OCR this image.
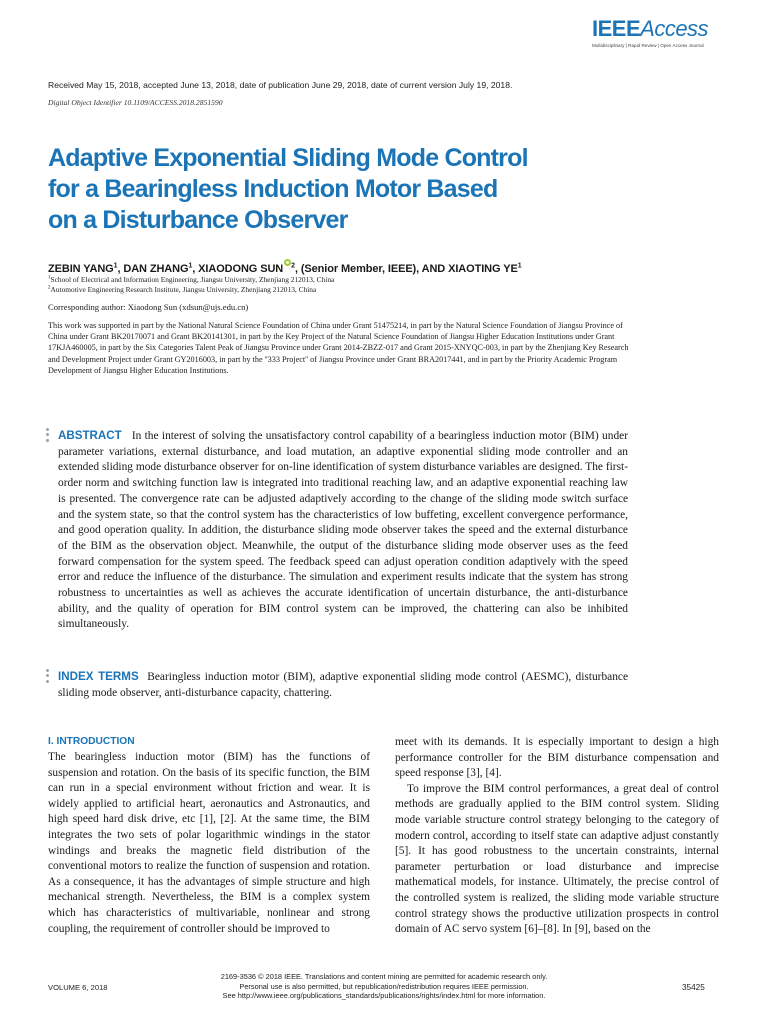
IEEEAccess
Multidisciplinary | Rapid Review | Open Access Journal
Received May 15, 2018, accepted June 13, 2018, date of publication June 29, 2018, date of current version July 19, 2018.
Digital Object Identifier 10.1109/ACCESS.2018.2851590
Adaptive Exponential Sliding Mode Control
for a Bearingless Induction Motor Based
on a Disturbance Observer
ZEBIN YANG$^1$, DAN ZHANG$^1$, XIAODONG SUN $^2$, (Senior Member, IEEE), AND XIAOTING $YE^1$
$^1$School of Electrical and Information Engineering, Jiangsu University, Zhenjiang 212013, China
$^2$Automotive Engineering Research Institute, Jiangsu University, Zhenjiang 212013, China
Corresponding author: Xiaodong Sun (xdsun@ujs.edu.cn)
This work was supported in part by the National Natural Science Foundation of China under Grant 51475214, in part by the Natural Science Foundation of Jiangsu Province of China under Grant BK20170071 and Grant BK20141301, in part by the Key Project of the Natural Science Foundation of Jiangsu Higher Education Institutions under Grant 17KJA460005, in part by the Six Categories Talent Peak of Jiangsu Province under Grant 2014-ZBZZ-017 and Grant 2015-XNYQC-003, in part by the Zhenjiang Key Research and Development Project under Grant GY2016003, in part by the ''333 Project'' of Jiangsu Province under Grant BRA2017441, and in part by the Priority Academic Program Development of Jiangsu Higher Education Institutions.

ABSTRACT In the interest of solving the unsatisfactory control capability of a bearingless induction motor (BIM) under parameter variations, external disturbance, and load mutation, an adaptive exponential sliding mode controller and an extended sliding mode disturbance observer for on-line identification of system disturbance variables are designed. The first-order norm and switching function law is integrated into traditional reaching law, and an adaptive exponential reaching law is presented. The convergence rate can be adjusted adaptively according to the change of the sliding mode switch surface and the system state, so that the control system has the characteristics of low buffeting, excellent convergence performance, and good operation quality. In addition, the disturbance sliding mode observer takes the speed and the external disturbance of the BIM as the observation object. Meanwhile, the output of the disturbance sliding mode observer uses as the feed forward compensation for the system speed. The feedback speed can adjust operation condition adaptively with the speed error and reduce the influence of the disturbance. The simulation and experiment results indicate that the system has strong robustness to uncertainties as well as achieves the accurate identification of uncertain disturbance, the anti-disturbance ability, and the quality of operation for BIM control system can be improved, the chattering can also be inhibited simultaneously.

INDEX TERMS Bearingless induction motor (BIM), adaptive exponential sliding mode control (AESMC), disturbance sliding mode observer, anti-disturbance capacity, chattering.

I. INTRODUCTION

The bearingless induction motor (BIM) has the functions of suspension and rotation. On the basis of its specific function, the BIM can run in a special environment without friction and wear. It is widely applied to artificial heart, aeronautics and Astronautics, and high speed hard disk drive, etc [1], [2]. At the same time, the BIM integrates the two sets of polar logarithmic windings in the stator windings and breaks the magnetic field distribution of the conventional motors to realize the function of suspension and rotation. As a consequence, it has the advantages of simple structure and high mechanical strength. Nevertheless, the BIM is a complex system which has characteristics of multivariable, nonlinear and strong coupling, the requirement of controller should be improved to

meet with its demands. It is especially important to design a high performance controller for the BIM disturbance compensation and speed response [3], [4].

To improve the BIM control performances, a great deal of control methods are gradually applied to the BIM control system. Sliding mode variable structure control strategy belonging to the category of modern control, according to itself state can adaptive adjust constantly [5]. It has good robustness to the uncertain constraints, internal parameter perturbation or load disturbance and imprecise mathematical models, for instance. Ultimately, the precise control of the controlled system is realized, the sliding mode variable structure control strategy shows the productive utilization prospects in control domain of AC servo system [6]–[8]. In [9], based on the

VOLUME 6, 2018
2169-3536 © 2018 IEEE. Translations and content mining are permitted for academic research only.
Personal use is also permitted, but republication/redistribution requires IEEE permission.
See http://www.ieee.org/publications_standards/publications/rights/index.html for more information.
35425
